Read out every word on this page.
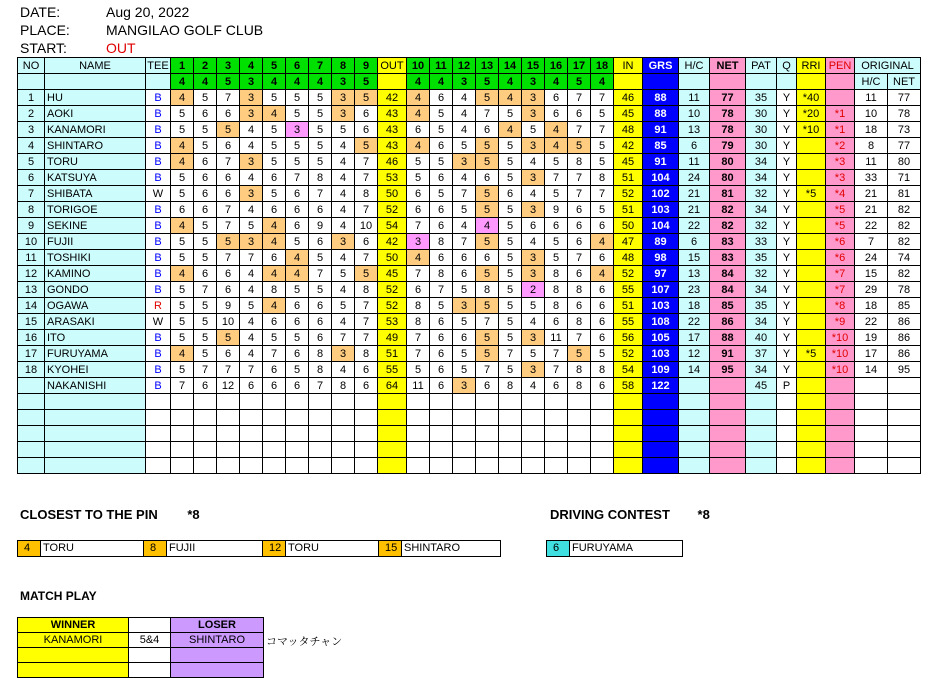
DATE:	Aug 20, 2022
PLACE:	MANGILAO GOLF CLUB
START:	OUT
NO	NAME	TEE	1	2	3	4	5	6	7	8	9	OUT	10	11	12	13	14	15	16	17	18	IN	GRS	H/C	NET	PAT	Q	RRI	PEN	ORIGINAL	
			4	4	5	3	4	4	4	3	5		4	4	3	5	4	3	4	5	4									H/C	NET
1	HU	B	4	5	7	3	5	5	5	3	5	42	4	6	4	5	4	3	6	7	7	46	88	11	77	35	Y	*40		11	77
2	AOKI	B	5	6	6	3	4	5	5	3	6	43	4	5	4	7	5	3	6	6	5	45	88	10	78	30	Y	*20	*1	10	78
3	KANAMORI	B	5	5	5	4	5	3	5	5	6	43	6	5	4	6	4	5	4	7	7	48	91	13	78	30	Y	*10	*1	18	73
4	SHINTARO	B	4	5	6	4	5	5	5	4	5	43	4	6	5	5	5	3	4	5	5	42	85	6	79	30	Y		*2	8	77
5	TORU	B	4	6	7	3	5	5	5	4	7	46	5	5	3	5	5	4	5	8	5	45	91	11	80	34	Y		*3	11	80
6	KATSUYA	B	5	6	6	4	6	7	8	4	7	53	5	6	4	6	5	3	7	7	8	51	104	24	80	34	Y		*3	33	71
7	SHIBATA	W	5	6	6	3	5	6	7	4	8	50	6	5	7	5	6	4	5	7	7	52	102	21	81	32	Y	*5	*4	21	81
8	TORIGOE	B	6	6	7	4	6	6	6	4	7	52	6	6	5	5	5	3	9	6	5	51	103	21	82	34	Y		*5	21	82
9	SEKINE	B	4	5	7	5	4	6	9	4	10	54	7	6	4	4	5	6	6	6	6	50	104	22	82	32	Y		*5	22	82
10	FUJII	B	5	5	5	3	4	5	6	3	6	42	3	8	7	5	5	4	5	6	4	47	89	6	83	33	Y		*6	7	82
11	TOSHIKI	B	5	5	7	7	6	4	5	4	7	50	4	6	6	6	5	3	5	7	6	48	98	15	83	35	Y		*6	24	74
12	KAMINO	B	4	6	6	4	4	4	7	5	5	45	7	8	6	5	5	3	8	6	4	52	97	13	84	32	Y		*7	15	82
13	GONDO	B	5	7	6	4	8	5	5	4	8	52	6	7	5	8	5	2	8	8	6	55	107	23	84	34	Y		*7	29	78
14	OGAWA	R	5	5	9	5	4	6	6	5	7	52	8	5	3	5	5	5	8	6	6	51	103	18	85	35	Y		*8	18	85
15	ARASAKI	W	5	5	10	4	6	6	6	4	7	53	8	6	5	7	5	4	6	8	6	55	108	22	86	34	Y		*9	22	86
16	ITO	B	5	5	5	4	5	5	6	7	7	49	7	6	6	5	5	3	11	7	6	56	105	17	88	40	Y		*10	19	86
17	FURUYAMA	B	4	5	6	4	7	6	8	3	8	51	7	6	5	5	7	5	7	5	5	52	103	12	91	37	Y	*5	*10	17	86
18	KYOHEI	B	5	7	7	7	6	5	8	4	6	55	5	6	5	7	5	3	7	8	8	54	109	14	95	34	Y		*10	14	95
	NAKANISHI	B	7	6	12	6	6	6	7	8	6	64	11	6	3	6	8	4	6	8	6	58	122			45	P				

CLOSEST TO THE PIN *8
4	TORU	8	FUJII	12 TORU	15 SHINTARO
DRIVING CONTEST *8
6	FURUYAMA
MATCH PLAY
WINNER		LOSER
KANAMORI	5&4	SHINTARO

		コマッタチャン
